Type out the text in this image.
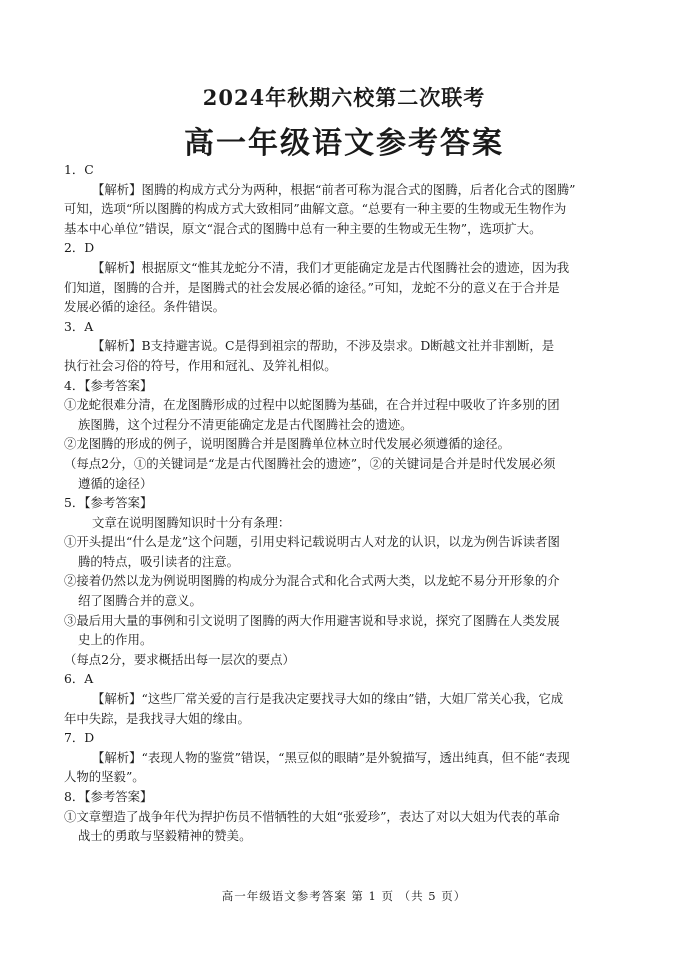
2024年秋期六校第二次联考
高一年级语文参考答案
1．C
【解析】图腾的构成方式分为两种，根据“前者可称为混合式的图腾，后者化合式的图腾”
可知，选项“所以图腾的构成方式大致相同”曲解文意。“总要有一种主要的生物或无生物作为
基本中心单位”错误，原文“混合式的图腾中总有一种主要的生物或无生物”，选项扩大。
2．D
【解析】根据原文“惟其龙蛇分不清，我们才更能确定龙是古代图腾社会的遗迹，因为我
们知道，图腾的合并，是图腾式的社会发展必循的途径。”可知，龙蛇不分的意义在于合并是
发展必循的途径。条件错误。
3．A
【解析】B支持避害说。C是得到祖宗的帮助，不涉及崇求。D断越文社并非割断，是
执行社会习俗的符号，作用和冠礼、及笄礼相似。
4．【参考答案】
①龙蛇很难分清，在龙图腾形成的过程中以蛇图腾为基础，在合并过程中吸收了许多别的团
族图腾，这个过程分不清更能确定龙是古代图腾社会的遗迹。
②龙图腾的形成的例子，说明图腾合并是图腾单位林立时代发展必须遵循的途径。
（每点2分，①的关键词是“龙是古代图腾社会的遗迹”，②的关键词是合并是时代发展必须
遵循的途径）
5．【参考答案】
文章在说明图腾知识时十分有条理：
①开头提出“什么是龙”这个问题，引用史料记载说明古人对龙的认识，以龙为例告诉读者图
腾的特点，吸引读者的注意。
②接着仍然以龙为例说明图腾的构成分为混合式和化合式两大类，以龙蛇不易分开形象的介
绍了图腾合并的意义。
③最后用大量的事例和引文说明了图腾的两大作用避害说和导求说，探究了图腾在人类发展
史上的作用。
（每点2分，要求概括出每一层次的要点）
6．A
【解析】“这些厂常关爱的言行是我决定要找寻大如的缘由”错，大姐厂常关心我，它成
年中失踪，是我找寻大姐的缘由。
7．D
【解析】“表现人物的鉴赏”错误，“黑豆似的眼睛”是外貌描写，透出纯真，但不能“表现
人物的坚毅”。
8．【参考答案】
①文章塑造了战争年代为捍护伤员不惜牺牲的大姐“张爱珍”，表达了对以大姐为代表的革命
战士的勇敢与坚毅精神的赞美。
高一年级语文参考答案 第 1 页 （共 5 页）
